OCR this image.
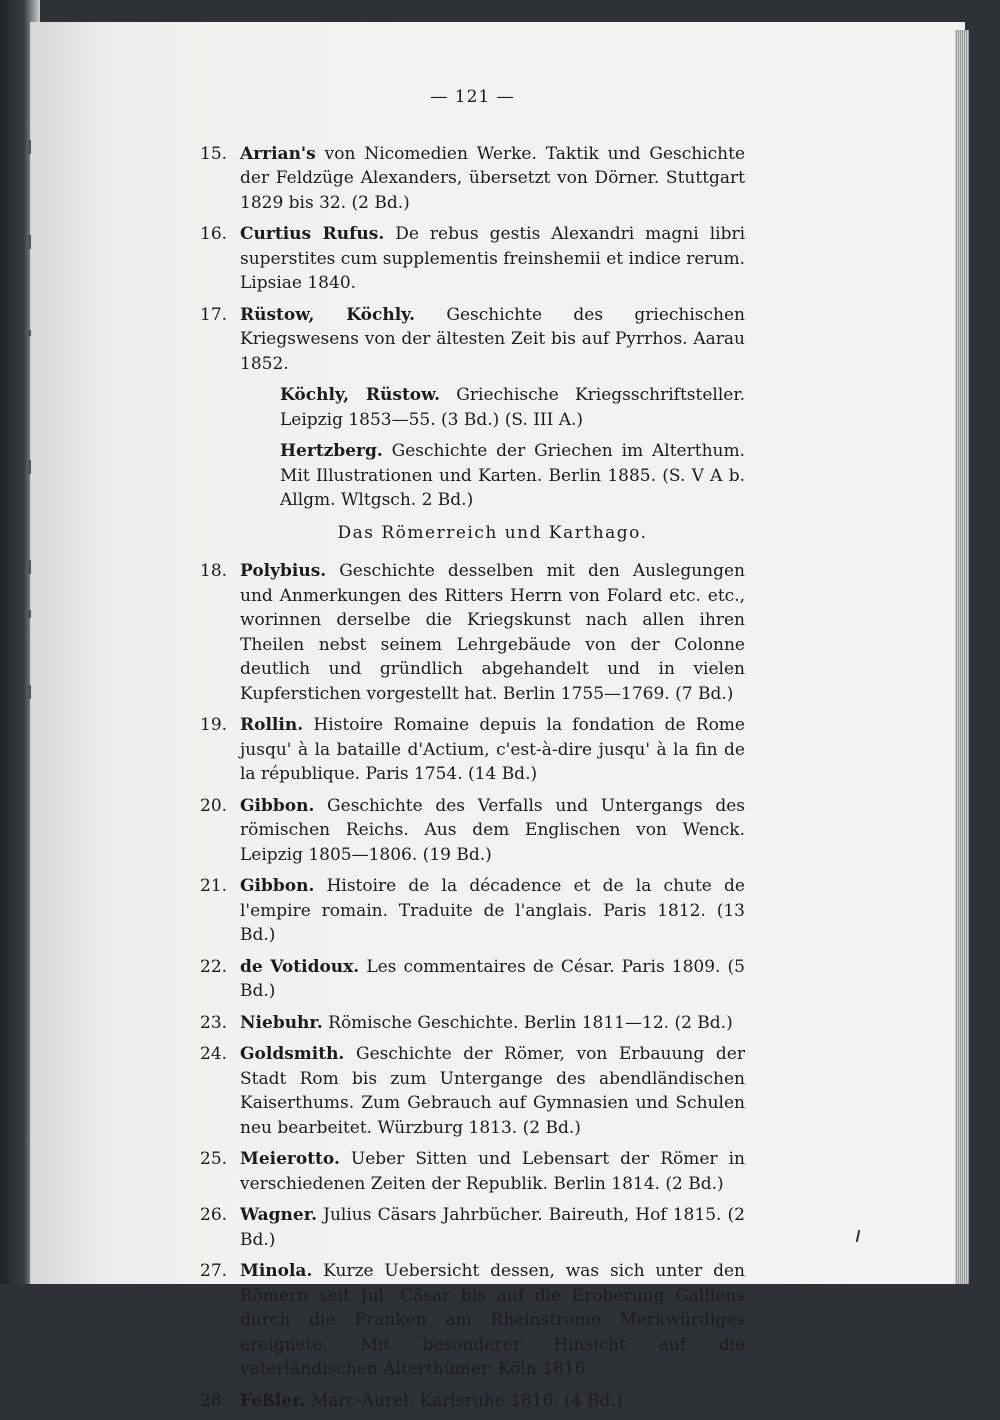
— 121 —
15. Arrian's von Nicomedien Werke. Taktik und Geschichte der Feldzüge Alexanders, übersetzt von Dörner. Stuttgart 1829 bis 32. (2 Bd.)
16. Curtius Rufus. De rebus gestis Alexandri magni libri superstites cum supplementis freinshemii et indice rerum. Lipsiae 1840.
17. Rüstow, Köchly. Geschichte des griechischen Kriegswesens von der ältesten Zeit bis auf Pyrrhos. Aarau 1852.
Köchly, Rüstow. Griechische Kriegsschriftsteller. Leipzig 1853—55. (3 Bd.) (S. III A.)
Hertzberg. Geschichte der Griechen im Alterthum. Mit Illustrationen und Karten. Berlin 1885. (S. V A b. Allgm. Wltgsch. 2 Bd.)
Das Römerreich und Karthago.
18. Polybius. Geschichte desselben mit den Auslegungen und Anmerkungen des Ritters Herrn von Folard etc. etc., worinnen derselbe die Kriegskunst nach allen ihren Theilen nebst seinem Lehrgebäude von der Colonne deutlich und gründlich abgehandelt und in vielen Kupferstichen vorgestellt hat. Berlin 1755—1769. (7 Bd.)
19. Rollin. Histoire Romaine depuis la fondation de Rome jusqu' à la bataille d'Actium, c'est-à-dire jusqu' à la fin de la république. Paris 1754. (14 Bd.)
20. Gibbon. Geschichte des Verfalls und Untergangs des römischen Reichs. Aus dem Englischen von Wenck. Leipzig 1805—1806. (19 Bd.)
21. Gibbon. Histoire de la décadence et de la chute de l'empire romain. Traduite de l'anglais. Paris 1812. (13 Bd.)
22. de Votidoux. Les commentaires de César. Paris 1809. (5 Bd.)
23. Niebuhr. Römische Geschichte. Berlin 1811—12. (2 Bd.)
24. Goldsmith. Geschichte der Römer, von Erbauung der Stadt Rom bis zum Untergange des abendländischen Kaiserthums. Zum Gebrauch auf Gymnasien und Schulen neu bearbeitet. Würzburg 1813. (2 Bd.)
25. Meierotto. Ueber Sitten und Lebensart der Römer in verschiedenen Zeiten der Republik. Berlin 1814. (2 Bd.)
26. Wagner. Julius Cäsars Jahrbücher. Baireuth, Hof 1815. (2 Bd.)
27. Minola. Kurze Uebersicht dessen, was sich unter den Römern seit Jul. Cäsar bis auf die Eroberung Galliens durch die Franken am Rheinstrome Merkwürdiges ereignete. Mit besonderer Hinsicht auf die vaterländischen Alterthümer. Köln 1816.
28. Feßler. Marc-Aurel. Karlsruhe 1816. (4 Bd.)
